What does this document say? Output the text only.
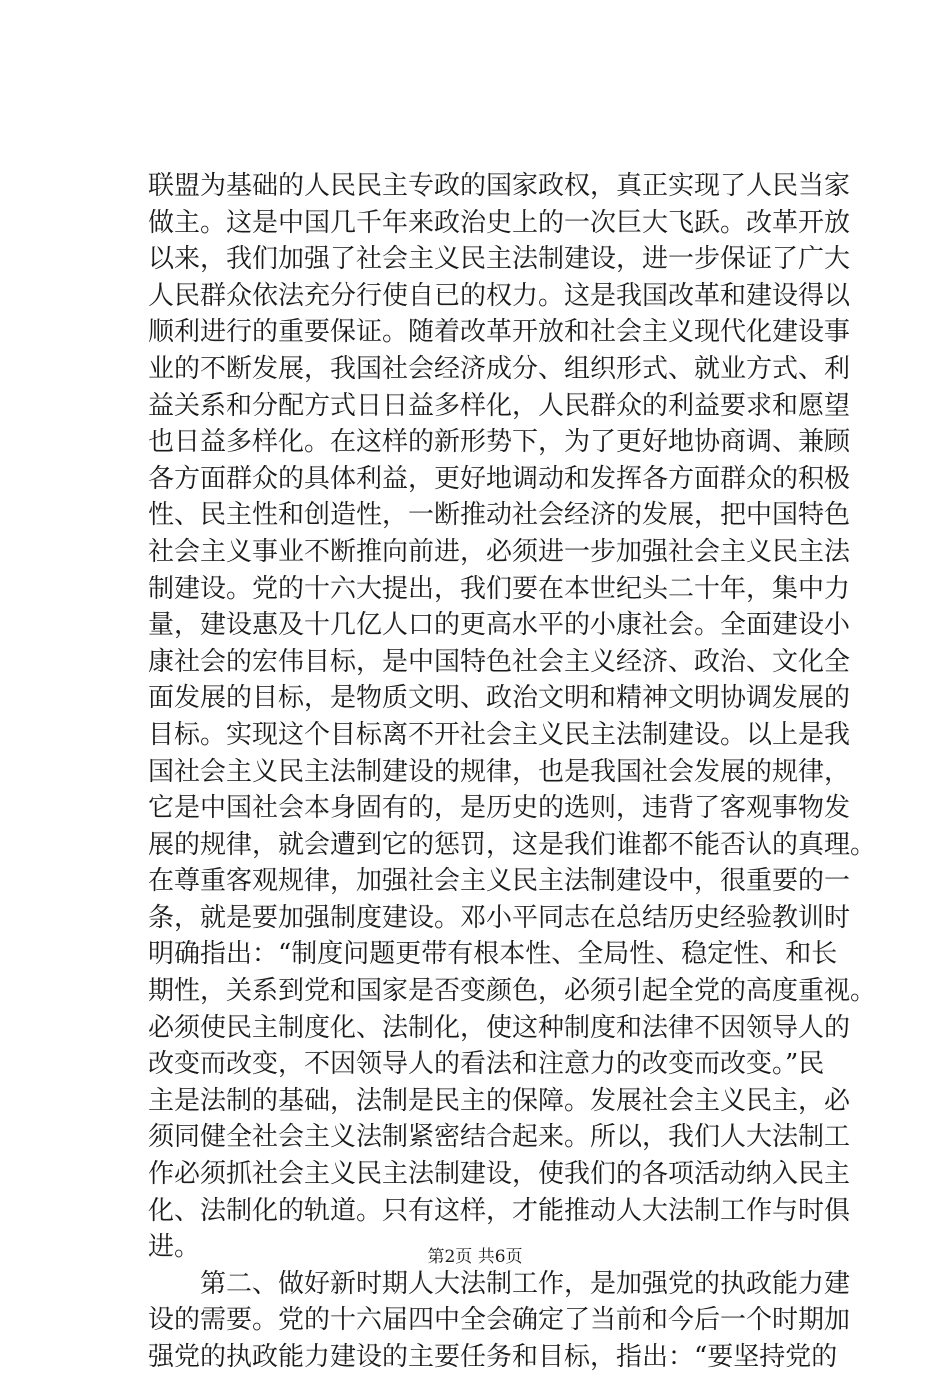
联盟为基础的人民民主专政的国家政权，真正实现了人民当家
做主。这是中国几千年来政治史上的一次巨大飞跃。改革开放
以来，我们加强了社会主义民主法制建设，进一步保证了广大
人民群众依法充分行使自已的权力。这是我国改革和建设得以
顺利进行的重要保证。随着改革开放和社会主义现代化建设事
业的不断发展，我国社会经济成分、组织形式、就业方式、利
益关系和分配方式日日益多样化，人民群众的利益要求和愿望
也日益多样化。在这样的新形势下，为了更好地协商调、兼顾
各方面群众的具体利益，更好地调动和发挥各方面群众的积极
性、民主性和创造性，一断推动社会经济的发展，把中国特色
社会主义事业不断推向前进，必须进一步加强社会主义民主法
制建设。党的十六大提出，我们要在本世纪头二十年，集中力
量，建设惠及十几亿人口的更高水平的小康社会。全面建设小
康社会的宏伟目标，是中国特色社会主义经济、政治、文化全
面发展的目标，是物质文明、政治文明和精神文明协调发展的
目标。实现这个目标离不开社会主义民主法制建设。以上是我
国社会主义民主法制建设的规律，也是我国社会发展的规律，
它是中国社会本身固有的，是历史的选则，违背了客观事物发
展的规律，就会遭到它的惩罚，这是我们谁都不能否认的真理。
在尊重客观规律，加强社会主义民主法制建设中，很重要的一
条，就是要加强制度建设。邓小平同志在总结历史经验教训时
明确指出：“制度问题更带有根本性、全局性、稳定性、和长
期性，关系到党和国家是否变颜色，必须引起全党的高度重视。
必须使民主制度化、法制化，使这种制度和法律不因领导人的
改变而改变，不因领导人的看法和注意力的改变而改变。”民
主是法制的基础，法制是民主的保障。发展社会主义民主，必
须同健全社会主义法制紧密结合起来。所以，我们人大法制工
作必须抓社会主义民主法制建设，使我们的各项活动纳入民主
化、法制化的轨道。只有这样，才能推动人大法制工作与时俱
进。
　　第二、做好新时期人大法制工作，是加强党的执政能力建
设的需要。党的十六届四中全会确定了当前和今后一个时期加
强党的执政能力建设的主要任务和目标，指出：“要坚持党的
第2页 共6页
